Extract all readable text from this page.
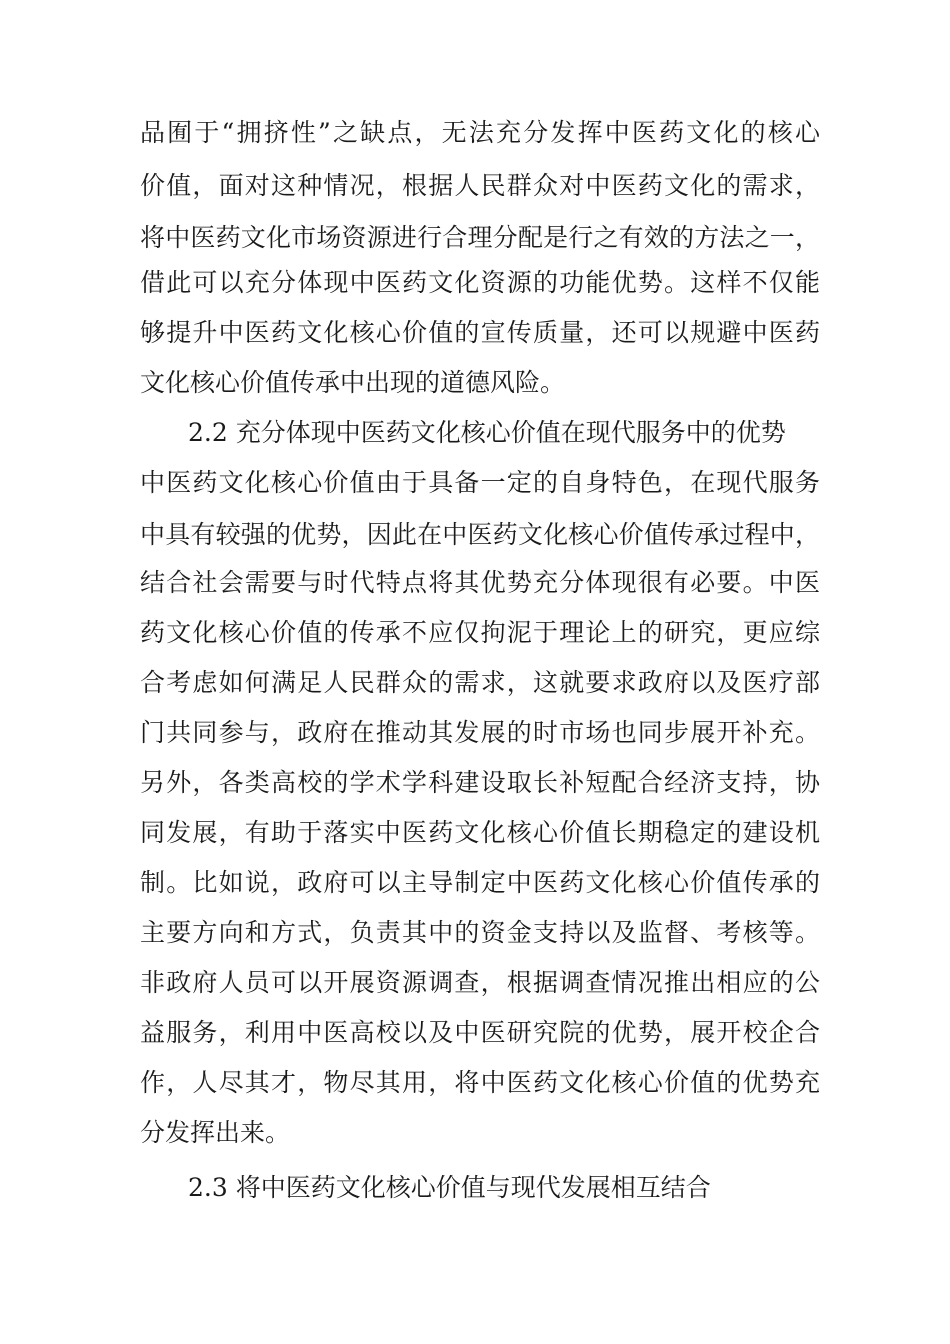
品囿于“拥挤性”之缺点，无法充分发挥中医药文化的核心
价值，面对这种情况，根据人民群众对中医药文化的需求，
将中医药文化市场资源进行合理分配是行之有效的方法之一，
借此可以充分体现中医药文化资源的功能优势。这样不仅能
够提升中医药文化核心价值的宣传质量，还可以规避中医药
文化核心价值传承中出现的道德风险。
2.2 充分体现中医药文化核心价值在现代服务中的优势
中医药文化核心价值由于具备一定的自身特色，在现代服务
中具有较强的优势，因此在中医药文化核心价值传承过程中，
结合社会需要与时代特点将其优势充分体现很有必要。中医
药文化核心价值的传承不应仅拘泥于理论上的研究，更应综
合考虑如何满足人民群众的需求，这就要求政府以及医疗部
门共同参与，政府在推动其发展的时市场也同步展开补充。
另外，各类高校的学术学科建设取长补短配合经济支持，协
同发展，有助于落实中医药文化核心价值长期稳定的建设机
制。比如说，政府可以主导制定中医药文化核心价值传承的
主要方向和方式，负责其中的资金支持以及监督、考核等。
非政府人员可以开展资源调查，根据调查情况推出相应的公
益服务，利用中医高校以及中医研究院的优势，展开校企合
作，人尽其才，物尽其用，将中医药文化核心价值的优势充
分发挥出来。
2.3 将中医药文化核心价值与现代发展相互结合
